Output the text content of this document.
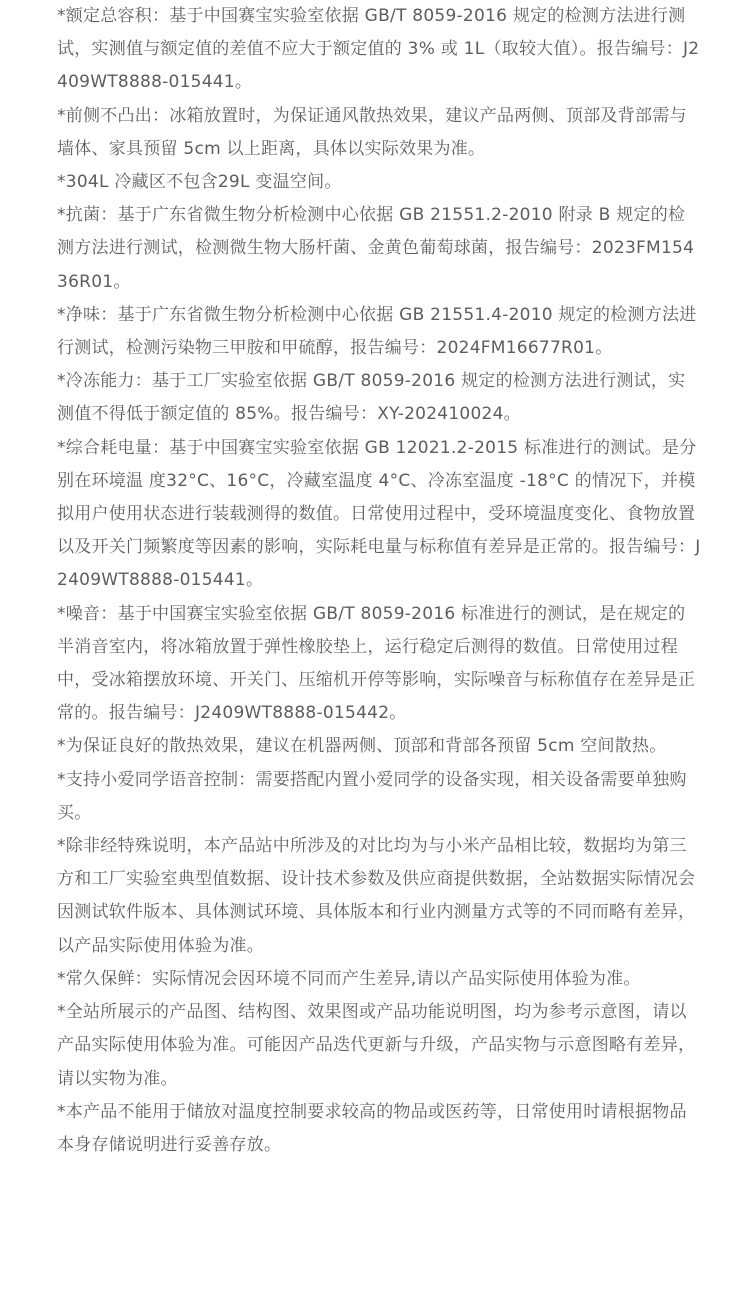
*额定总容积：基于中国赛宝实验室依据 GB/T 8059-2016 规定的检测方法进行测试，实测值与额定值的差值不应大于额定值的 3% 或 1L（取较大值）。报告编号：J2409WT8888-015441。
*前侧不凸出：冰箱放置时，为保证通风散热效果，建议产品两侧、顶部及背部需与墙体、家具预留 5cm 以上距离，具体以实际效果为准。
*304L 冷藏区不包含29L 变温空间。
*抗菌：基于广东省微生物分析检测中心依据 GB 21551.2-2010 附录 B 规定的检测方法进行测试，检测微生物大肠杆菌、金黄色葡萄球菌，报告编号：2023FM15436R01。
*净味：基于广东省微生物分析检测中心依据 GB 21551.4-2010 规定的检测方法进行测试，检测污染物三甲胺和甲硫醇，报告编号：2024FM16677R01。
*冷冻能力：基于工厂实验室依据 GB/T 8059-2016 规定的检测方法进行测试，实测值不得低于额定值的 85%。报告编号：XY-202410024。
*综合耗电量：基于中国赛宝实验室依据 GB 12021.2-2015 标准进行的测试。是分别在环境温 度32°C、16°C，冷藏室温度 4°C、冷冻室温度 -18°C 的情况下，并模拟用户使用状态进行装载测得的数值。日常使用过程中，受环境温度变化、食物放置以及开关门频繁度等因素的影响，实际耗电量与标称值有差异是正常的。报告编号：J2409WT8888-015441。
*噪音：基于中国赛宝实验室依据 GB/T 8059-2016 标准进行的测试，是在规定的半消音室内，将冰箱放置于弹性橡胶垫上，运行稳定后测得的数值。日常使用过程中，受冰箱摆放环境、开关门、压缩机开停等影响，实际噪音与标称值存在差异是正常的。报告编号：J2409WT8888-015442。
*为保证良好的散热效果，建议在机器两侧、顶部和背部各预留 5cm 空间散热。
*支持小爱同学语音控制：需要搭配内置小爱同学的设备实现，相关设备需要单独购买。
*除非经特殊说明，本产品站中所涉及的对比均为与小米产品相比较，数据均为第三方和工厂实验室典型值数据、设计技术参数及供应商提供数据，全站数据实际情况会因测试软件版本、具体测试环境、具体版本和行业内测量方式等的不同而略有差异，以产品实际使用体验为准。
*常久保鲜：实际情况会因环境不同而产生差异,请以产品实际使用体验为准。
*全站所展示的产品图、结构图、效果图或产品功能说明图，均为参考示意图，请以产品实际使用体验为准。可能因产品迭代更新与升级，产品实物与示意图略有差异，请以实物为准。
*本产品不能用于储放对温度控制要求较高的物品或医药等，日常使用时请根据物品本身存储说明进行妥善存放。
